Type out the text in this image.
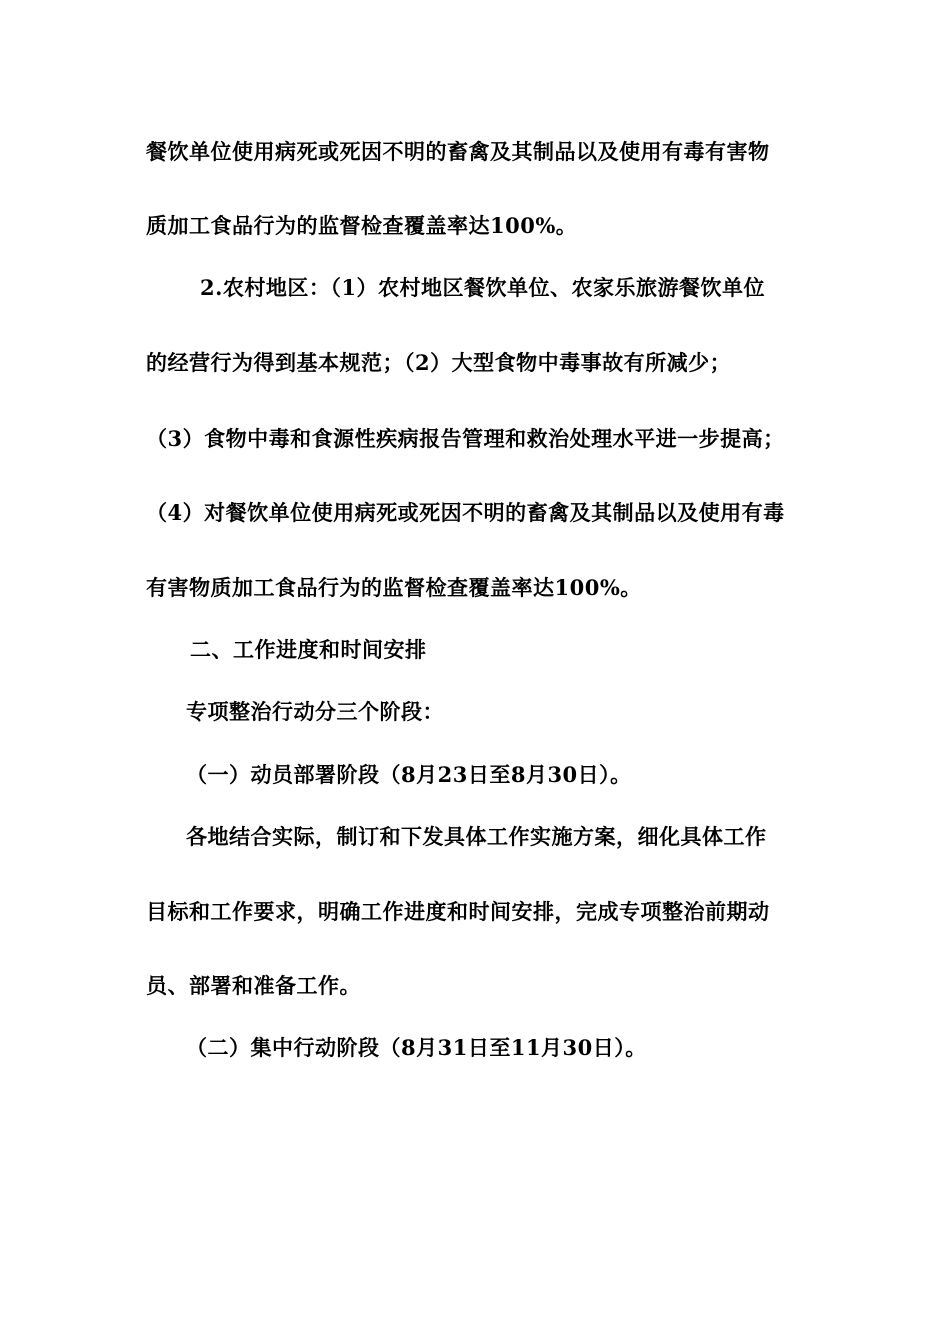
餐饮单位使用病死或死因不明的畜禽及其制品以及使用有毒有害物
质加工食品行为的监督检查覆盖率达100%。
2.农村地区：（1）农村地区餐饮单位、农家乐旅游餐饮单位
的经营行为得到基本规范；（2）大型食物中毒事故有所减少；
（3）食物中毒和食源性疾病报告管理和救治处理水平进一步提高；
（4）对餐饮单位使用病死或死因不明的畜禽及其制品以及使用有毒
有害物质加工食品行为的监督检查覆盖率达100%。
二、工作进度和时间安排
专项整治行动分三个阶段：
（一）动员部署阶段（8月23日至8月30日）。
各地结合实际，制订和下发具体工作实施方案，细化具体工作
目标和工作要求，明确工作进度和时间安排，完成专项整治前期动
员、部署和准备工作。
（二）集中行动阶段（8月31日至11月30日）。
